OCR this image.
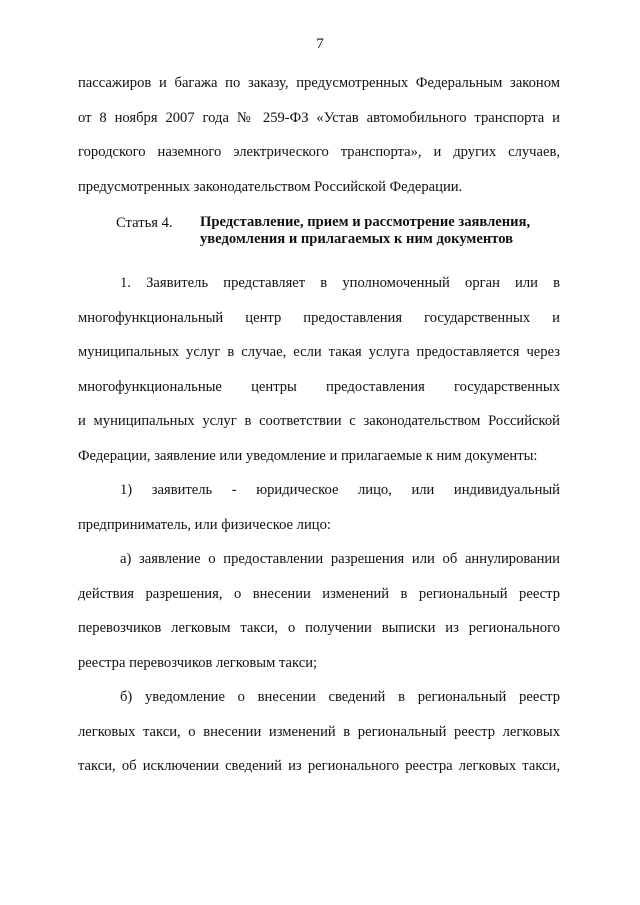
7
пассажиров и багажа по заказу, предусмотренных Федеральным законом
от 8 ноября 2007 года № 259-ФЗ «Устав автомобильного транспорта и
городского наземного электрического транспорта», и других случаев,
предусмотренных законодательством Российской Федерации.
Статья 4. Представление, прием и рассмотрение заявления,
уведомления и прилагаемых к ним документов
1. Заявитель представляет в уполномоченный орган или в
многофункциональный центр предоставления государственных и
муниципальных услуг в случае, если такая услуга предоставляется через
многофункциональные центры предоставления государственных
и муниципальных услуг в соответствии с законодательством Российской
Федерации, заявление или уведомление и прилагаемые к ним документы:
1) заявитель - юридическое лицо, или индивидуальный
предприниматель, или физическое лицо:
а) заявление о предоставлении разрешения или об аннулировании
действия разрешения, о внесении изменений в региональный реестр
перевозчиков легковым такси, о получении выписки из регионального
реестра перевозчиков легковым такси;
б) уведомление о внесении сведений в региональный реестр
легковых такси, о внесении изменений в региональный реестр легковых
такси, об исключении сведений из регионального реестра легковых такси,
